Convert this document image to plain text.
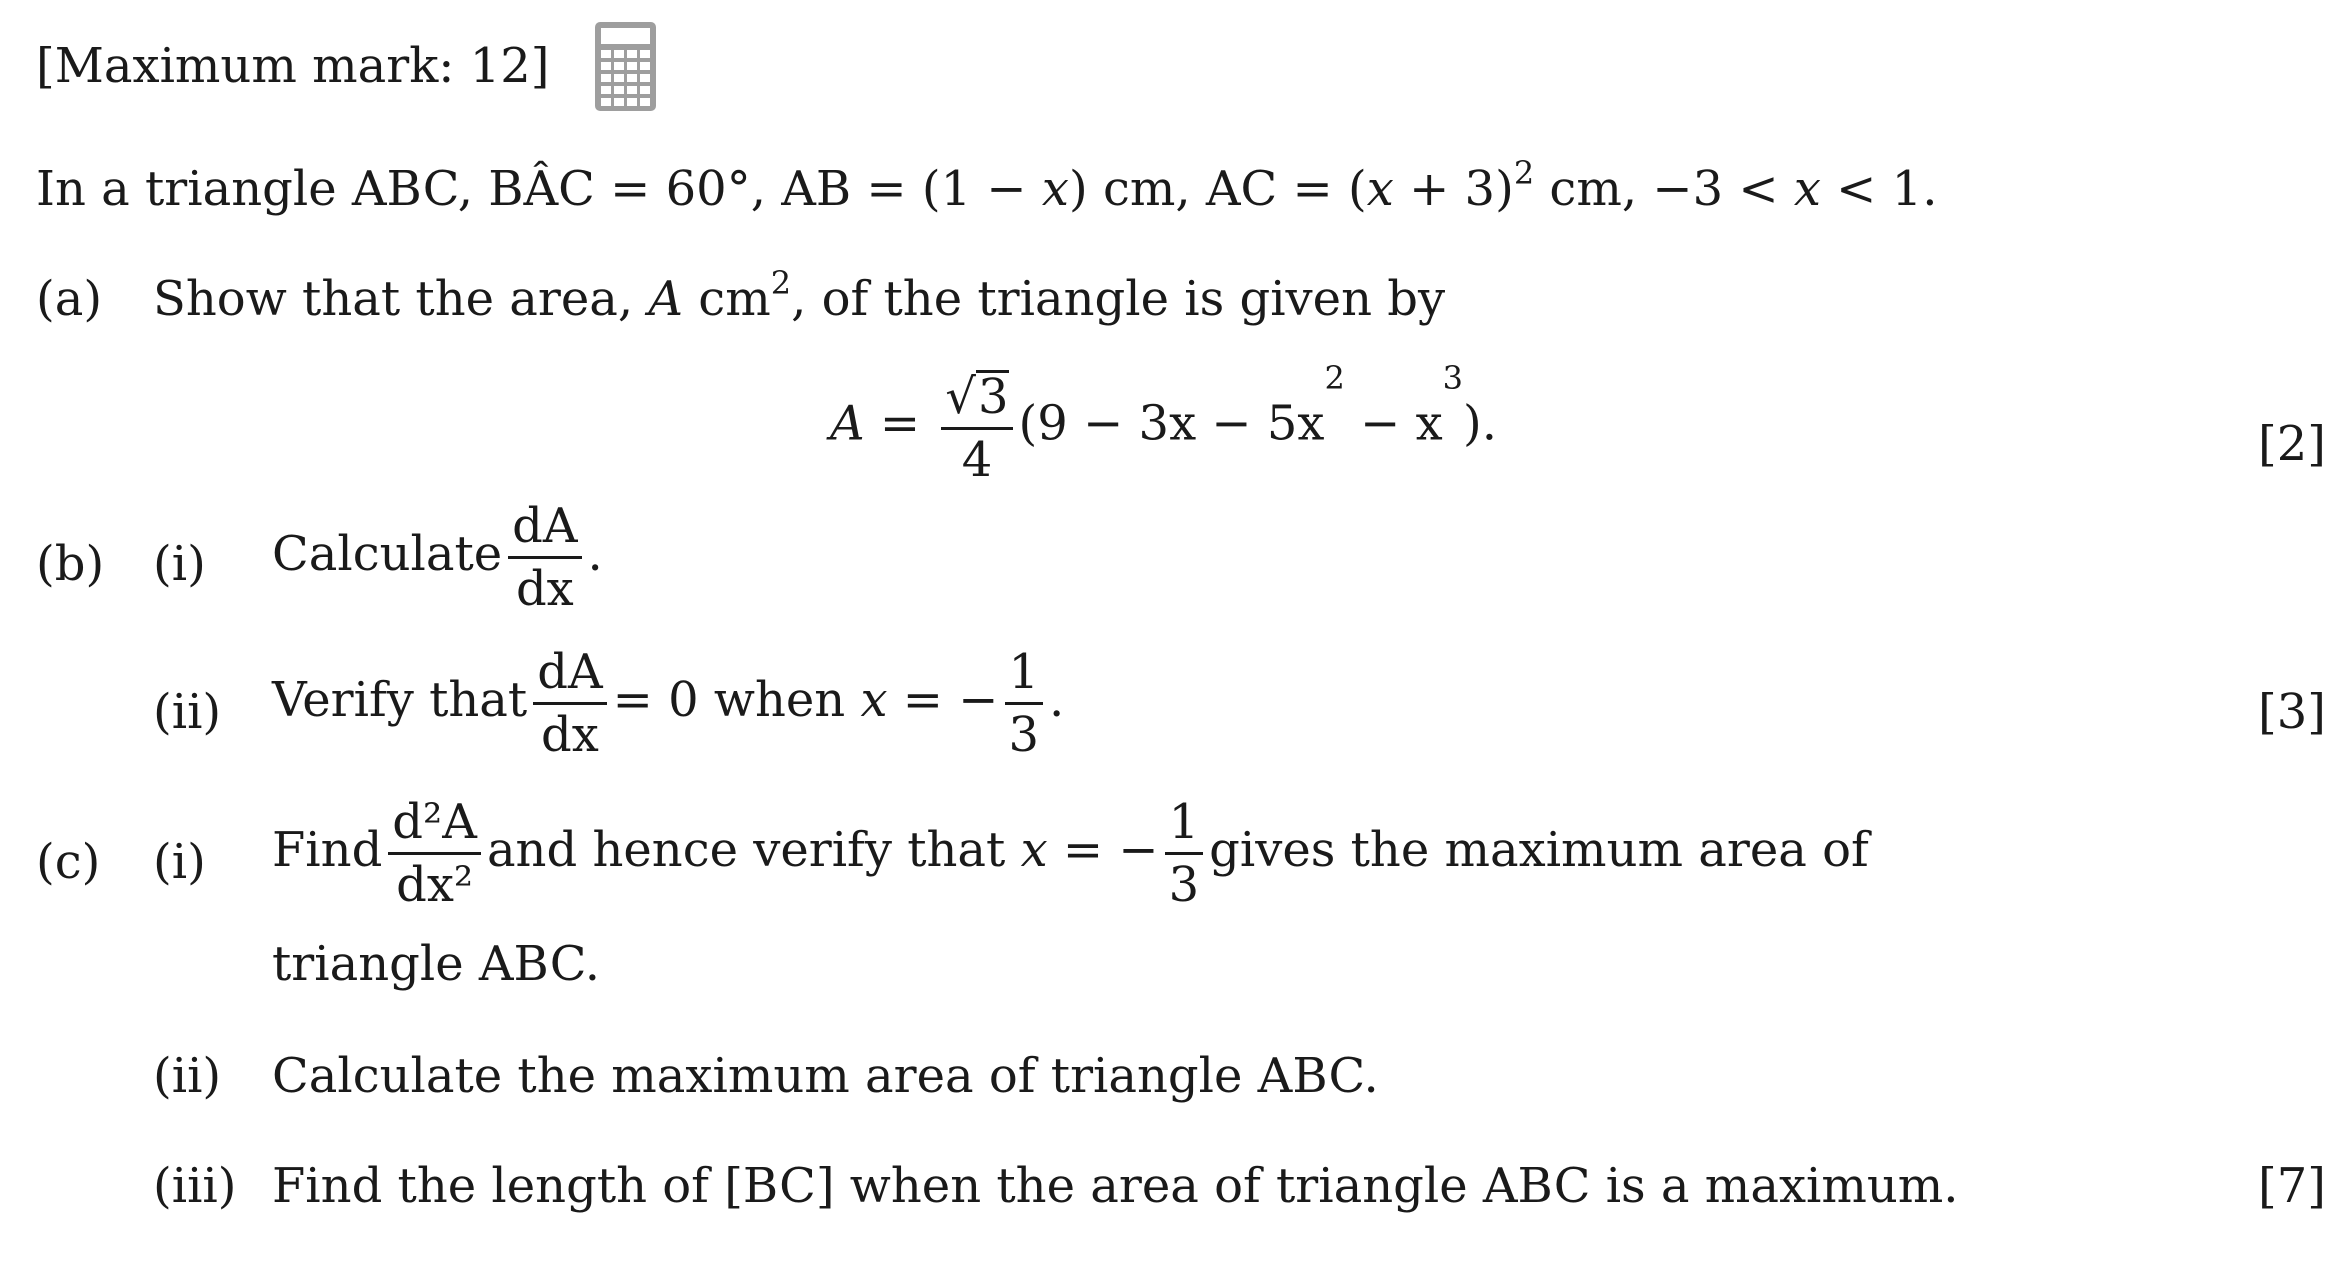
[Maximum mark: 12]
In a triangle ABC, BÂC = 60°, AB = (1 − x) cm, AC = $(x + 3)^2$ cm, −3 < x < 1.
(a) Show that the area, A $cm^2$, of the triangle is given by
$A = \frac{√3}{4} (9 - 3x - 5x^2 - x^3)$.	[2]
(b) (i) Calculate $\frac{dA}{dx}$ .
(ii) Verify that $\frac{dA}{dx} = 0$ when x = − $\frac{1}{3}$ .	[3]
(c) (i) Find $\frac{\text{d²A}}{\text{dx²}}$ and hence verify that x = − $\frac{1}{3}$ gives the maximum area of
triangle ABC.
(ii) Calculate the maximum area of triangle ABC.
(iii) Find the length of [BC] when the area of triangle ABC is a maximum.	[7]
